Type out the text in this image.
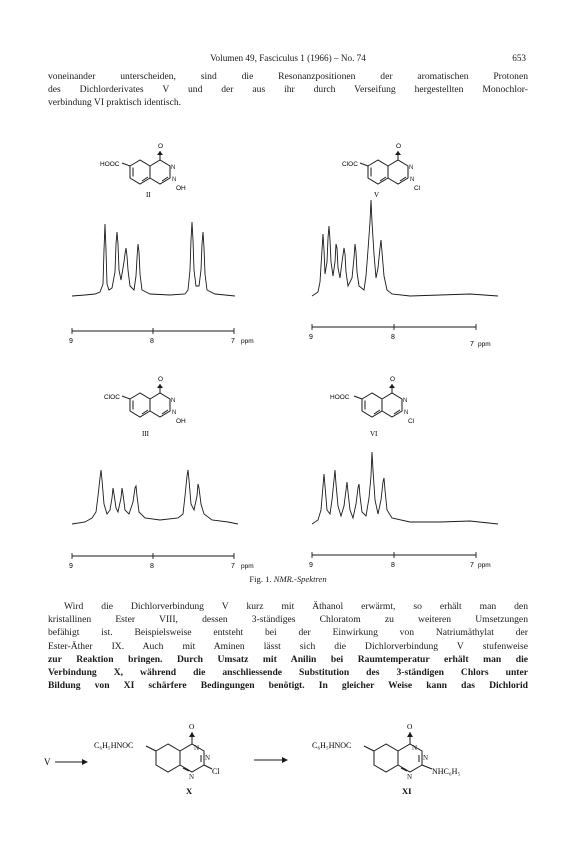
Volumen 49, Fasciculus 1 (1966) – No. 74	653
voneinander unterscheiden, sind die Resonanzpositionen der aromatischen Protonen
des Dichlorderivates V und der aus ihr durch Verseifung hergestellten Monochlor-
verbindung VI praktisch identisch.
HOOC
O
N
N
OH
II
ClOC
O
N
N
Cl
V
ClOC
O
N
N
OH
III
HOOC
O
N
N
Cl
VI
9	8	7 ppm
9	8
7 ppm
9	8	7 ppm	9	8	7 ppm
Fig. 1. NMR.-Spektren
Wird die Dichlorverbindung V kurz mit Äthanol erwärmt, so erhält man den
kristallinen Ester VIII, dessen 3-ständiges Chloratom zu weiteren Umsetzungen
befähigt ist. Beispielsweise entsteht bei der Einwirkung von Natriumäthylat der
Ester-Äther IX. Auch mit Aminen lässt sich die Dichlorverbindung V stufenweise
zur Reaktion bringen. Durch Umsatz mit Anilin bei Raumtemperatur erhält man die
Verbindung X, während die anschliessende Substitution des 3-ständigen Chlors unter
Bildung von XI schärfere Bedingungen benötigt. In gleicher Weise kann das Dichlorid
V
O
C₆H₅HNOC	N
N
N
Cl
X
O
C₆H₅HNOC	N
N
N
NHC₆H₅
XI
